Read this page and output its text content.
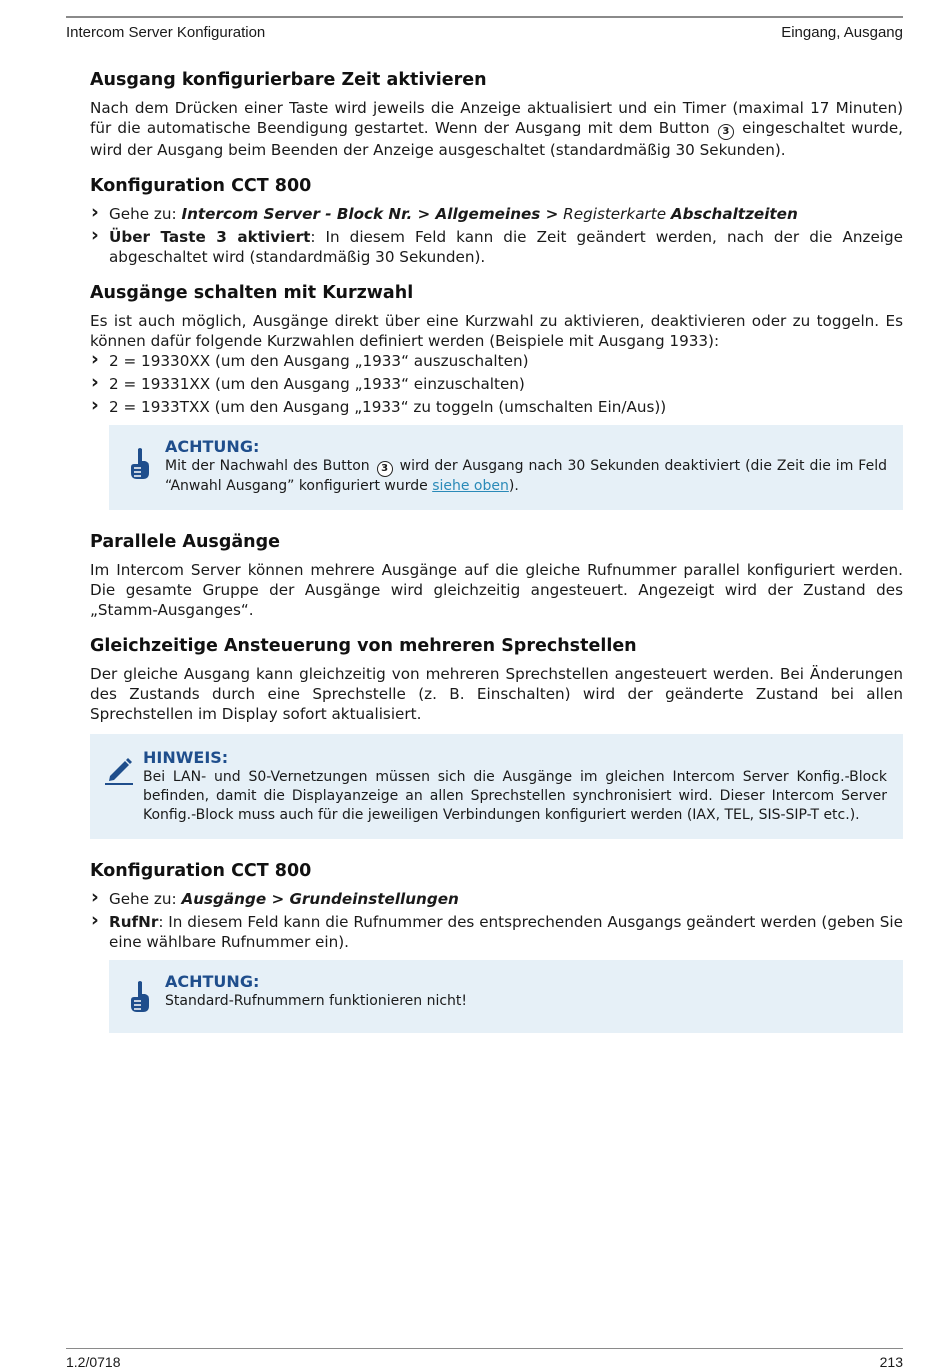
Intercom Server Konfiguration	Eingang, Ausgang
Ausgang konfigurierbare Zeit aktivieren

Nach dem Drücken einer Taste wird jeweils die Anzeige aktualisiert und ein Timer (maximal 17 Minuten) für die automatische Beendigung gestartet. Wenn der Ausgang mit dem Button 3 eingeschaltet wurde, wird der Ausgang beim Beenden der Anzeige ausgeschaltet (standardmäßig 30 Sekunden).

Konfiguration CCT 800
› Gehe zu: Intercom Server - Block Nr. > Allgemeines > Registerkarte Abschaltzeiten
› Über Taste 3 aktiviert: In diesem Feld kann die Zeit geändert werden, nach der die Anzeige abgeschaltet wird (standardmäßig 30 Sekunden).
Ausgänge schalten mit Kurzwahl

Es ist auch möglich, Ausgänge direkt über eine Kurzwahl zu aktivieren, deaktivieren oder zu toggeln. Es können dafür folgende Kurzwahlen definiert werden (Beispiele mit Ausgang 1933):

› 2 = 19330XX (um den Ausgang „1933“ auszuschalten)
› 2 = 19331XX (um den Ausgang „1933“ einzuschalten)
› 2 = 1933TXX (um den Ausgang „1933“ zu toggeln (umschalten Ein/Aus))
ACHTUNG:
Mit der Nachwahl des Button 3 wird der Ausgang nach 30 Sekunden deaktiviert (die Zeit die im Feld “Anwahl Ausgang” konfiguriert wurde siehe oben).
Parallele Ausgänge

Im Intercom Server können mehrere Ausgänge auf die gleiche Rufnummer parallel konfiguriert werden. Die gesamte Gruppe der Ausgänge wird gleichzeitig angesteuert. Angezeigt wird der Zustand des „Stamm-Ausganges“.

Gleichzeitige Ansteuerung von mehreren Sprechstellen

Der gleiche Ausgang kann gleichzeitig von mehreren Sprechstellen angesteuert werden. Bei Änderungen des Zustands durch eine Sprechstelle (z. B. Einschalten) wird der geänderte Zustand bei allen Sprechstellen im Display sofort aktualisiert.

HINWEIS:
Bei LAN- und S0-Vernetzungen müssen sich die Ausgänge im gleichen Intercom Server Konfig.-Block befinden, damit die Displayanzeige an allen Sprechstellen synchronisiert wird. Dieser Intercom Server Konfig.-Block muss auch für die jeweiligen Verbindungen konfiguriert werden (IAX, TEL, SIS-SIP-T etc.).
Konfiguration CCT 800
› Gehe zu: Ausgänge > Grundeinstellungen
› RufNr: In diesem Feld kann die Rufnummer des entsprechenden Ausgangs geändert werden (geben Sie eine wählbare Rufnummer ein).
ACHTUNG:
Standard-Rufnummern funktionieren nicht!
1.2/0718	213
